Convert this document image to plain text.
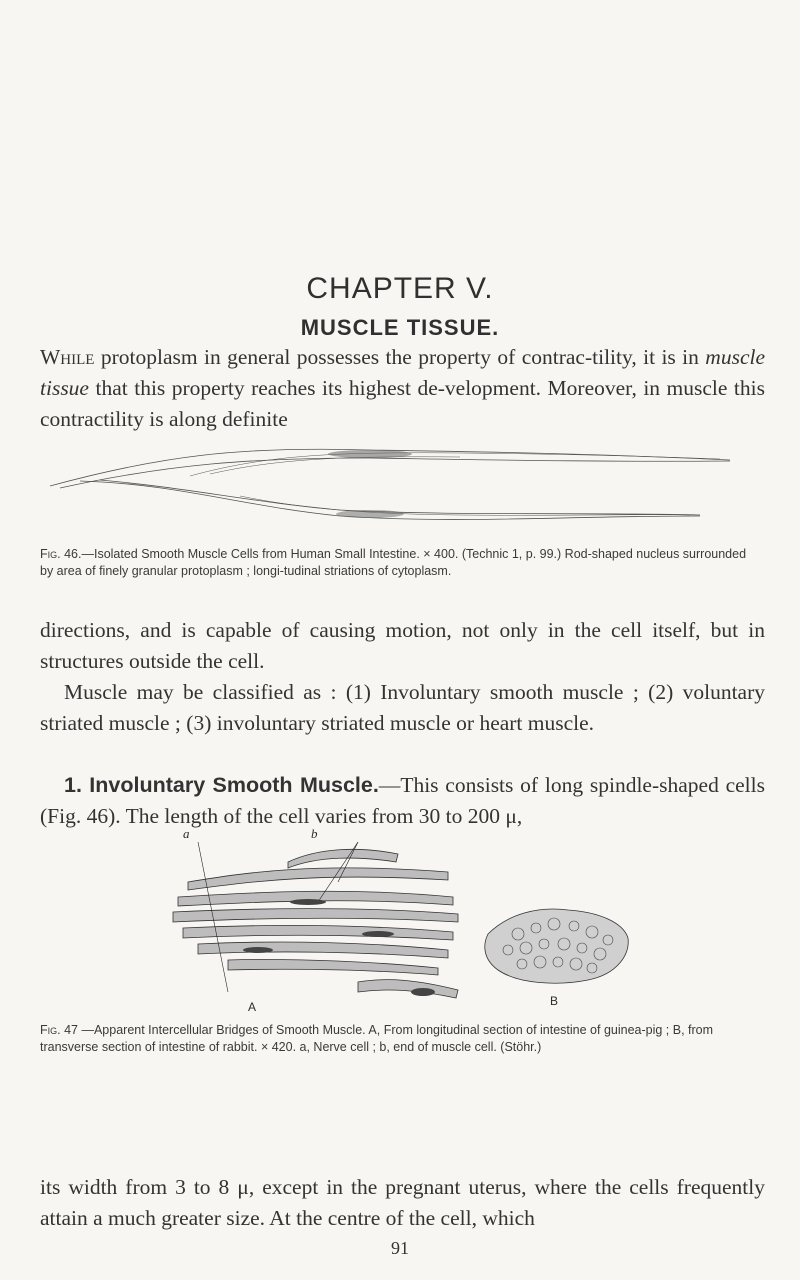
CHAPTER V.
MUSCLE TISSUE.
While protoplasm in general possesses the property of contrac-tility, it is in muscle tissue that this property reaches its highest de-velopment. Moreover, in muscle this contractility is along definite
Fig. 46.—Isolated Smooth Muscle Cells from Human Small Intestine. × 400. (Technic 1, p. 99.) Rod-shaped nucleus surrounded by area of finely granular protoplasm ; longi-tudinal striations of cytoplasm.
directions, and is capable of causing motion, not only in the cell itself, but in structures outside the cell.
Muscle may be classified as : (1) Involuntary smooth muscle ; (2) voluntary striated muscle ; (3) involuntary striated muscle or heart muscle.
1. Involuntary Smooth Muscle.—This consists of long spindle-shaped cells (Fig. 46). The length of the cell varies from 30 to 200 μ,
a	b
A	B
Fig. 47 —Apparent Intercellular Bridges of Smooth Muscle. A, From longitudinal section of intestine of guinea-pig ; B, from transverse section of intestine of rabbit. × 420. a, Nerve cell ; b, end of muscle cell. (Stöhr.)
its width from 3 to 8 μ, except in the pregnant uterus, where the cells frequently attain a much greater size. At the centre of the cell, which
91
